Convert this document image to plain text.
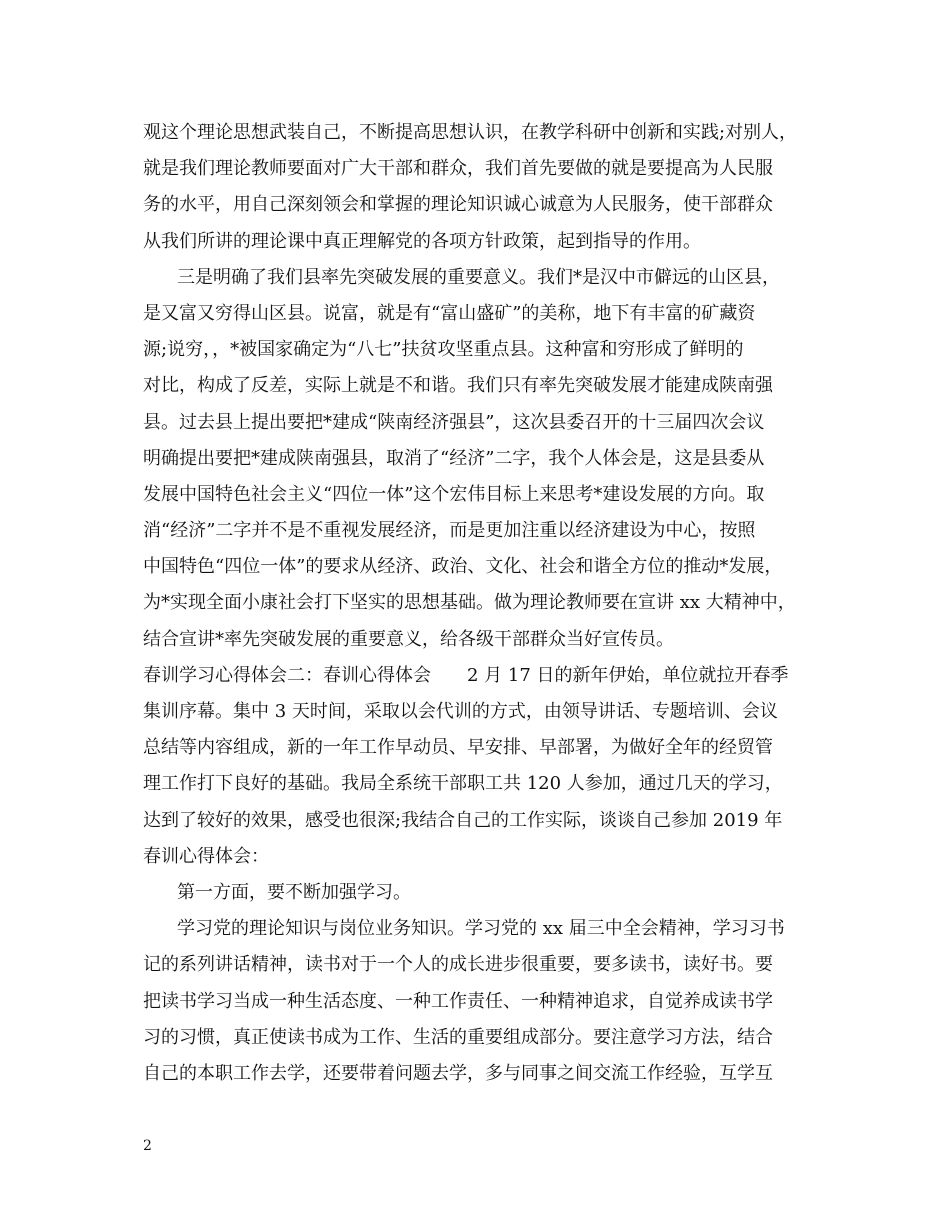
观这个理论思想武装自己，不断提高思想认识，在教学科研中创新和实践;对别人，
就是我们理论教师要面对广大干部和群众，我们首先要做的就是要提高为人民服
务的水平，用自己深刻领会和掌握的理论知识诚心诚意为人民服务，使干部群众
从我们所讲的理论课中真正理解党的各项方针政策，起到指导的作用。
三是明确了我们县率先突破发展的重要意义。我们*是汉中市僻远的山区县，
是又富又穷得山区县。说富，就是有“富山盛矿”的美称，地下有丰富的矿藏资
源;说穷，，*被国家确定为“八七”扶贫攻坚重点县。这种富和穷形成了鲜明的
对比，构成了反差，实际上就是不和谐。我们只有率先突破发展才能建成陕南强
县。过去县上提出要把*建成“陕南经济强县”，这次县委召开的十三届四次会议
明确提出要把*建成陕南强县，取消了“经济”二字，我个人体会是，这是县委从
发展中国特色社会主义“四位一体”这个宏伟目标上来思考*建设发展的方向。取
消“经济”二字并不是不重视发展经济，而是更加注重以经济建设为中心，按照
中国特色“四位一体”的要求从经济、政治、文化、社会和谐全方位的推动*发展，
为*实现全面小康社会打下坚实的思想基础。做为理论教师要在宣讲 xx 大精神中，
结合宣讲*率先突破发展的重要意义，给各级干部群众当好宣传员。
春训学习心得体会二：春训心得体会　　2 月 17 日的新年伊始，单位就拉开春季
集训序幕。集中 3 天时间，采取以会代训的方式，由领导讲话、专题培训、会议
总结等内容组成，新的一年工作早动员、早安排、早部署，为做好全年的经贸管
理工作打下良好的基础。我局全系统干部职工共 120 人参加，通过几天的学习，
达到了较好的效果，感受也很深;我结合自己的工作实际，谈谈自己参加 2019 年
春训心得体会：
第一方面，要不断加强学习。
学习党的理论知识与岗位业务知识。学习党的 xx 届三中全会精神，学习习书
记的系列讲话精神，读书对于一个人的成长进步很重要，要多读书，读好书。要
把读书学习当成一种生活态度、一种工作责任、一种精神追求，自觉养成读书学
习的习惯，真正使读书成为工作、生活的重要组成部分。要注意学习方法，结合
自己的本职工作去学，还要带着问题去学，多与同事之间交流工作经验，互学互
2
